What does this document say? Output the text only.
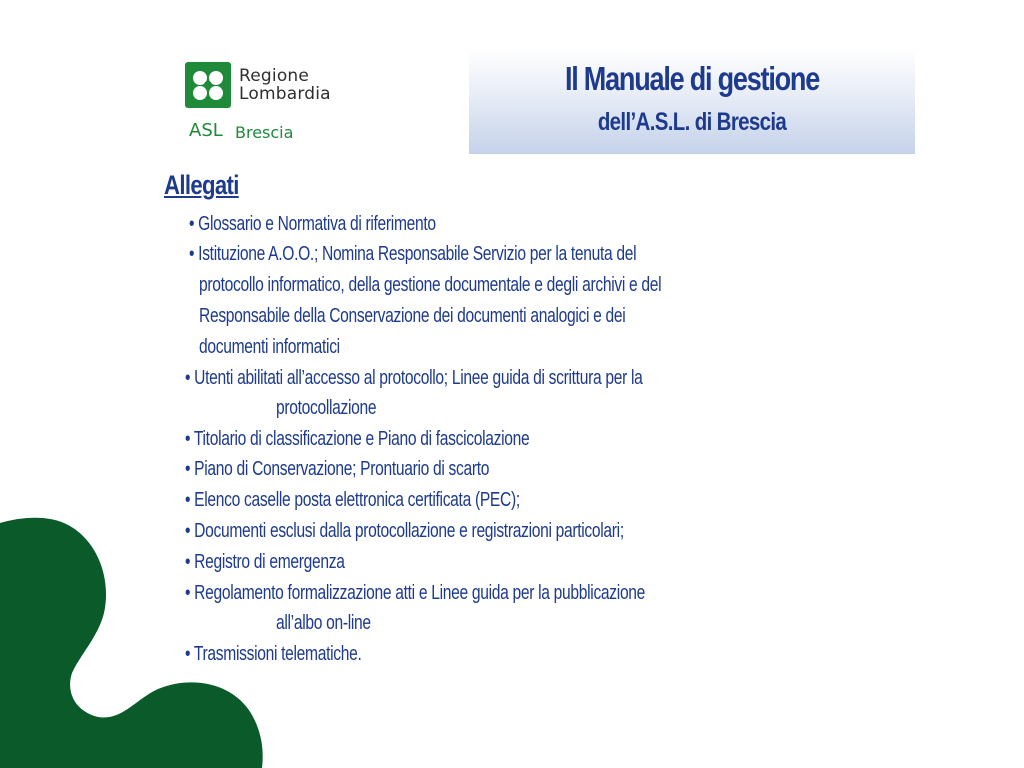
Regione
Lombardia
ASL Brescia
Il Manuale di gestione
dell’A.S.L. di Brescia
Allegati
• Glossario e Normativa di riferimento
• Istituzione A.O.O.; Nomina Responsabile Servizio per la tenuta del
protocollo informatico, della gestione documentale e degli archivi e del
Responsabile della Conservazione dei documenti analogici e dei
documenti informatici
• Utenti abilitati all’accesso al protocollo; Linee guida di scrittura per la
protocollazione
• Titolario di classificazione e Piano di fascicolazione
• Piano di Conservazione; Prontuario di scarto
• Elenco caselle posta elettronica certificata (PEC);
• Documenti esclusi dalla protocollazione e registrazioni particolari;
• Registro di emergenza
• Regolamento formalizzazione atti e Linee guida per la pubblicazione
all’albo on-line
• Trasmissioni telematiche.
